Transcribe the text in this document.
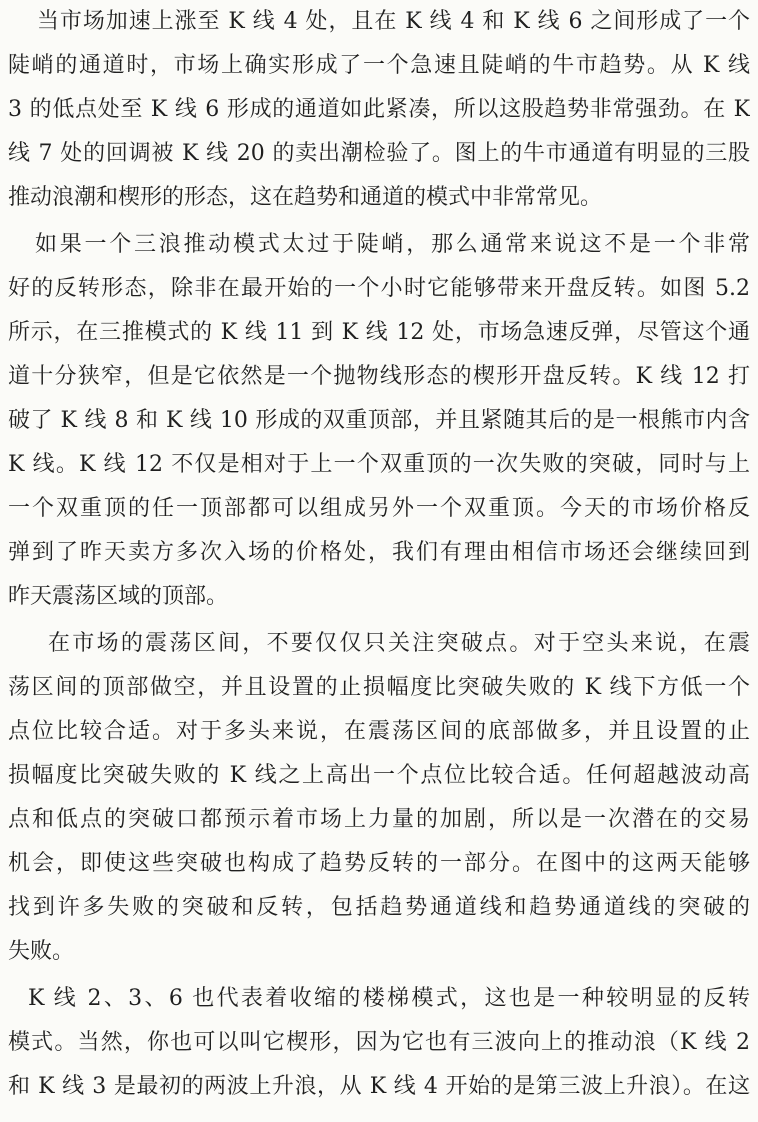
当市场加速上涨至 K 线 4 处，且在 K 线 4 和 K 线 6 之间形成了一个
陡峭的通道时，市场上确实形成了一个急速且陡峭的牛市趋势。从 K 线
3 的低点处至 K 线 6 形成的通道如此紧凑，所以这股趋势非常强劲。在 K
线 7 处的回调被 K 线 20 的卖出潮检验了。图上的牛市通道有明显的三股
推动浪潮和楔形的形态，这在趋势和通道的模式中非常常见。
如果一个三浪推动模式太过于陡峭，那么通常来说这不是一个非常
好的反转形态，除非在最开始的一个小时它能够带来开盘反转。如图 5.2
所示，在三推模式的 K 线 11 到 K 线 12 处，市场急速反弹，尽管这个通
道十分狭窄，但是它依然是一个抛物线形态的楔形开盘反转。K 线 12 打
破了 K 线 8 和 K 线 10 形成的双重顶部，并且紧随其后的是一根熊市内含
K 线。K 线 12 不仅是相对于上一个双重顶的一次失败的突破，同时与上
一个双重顶的任一顶部都可以组成另外一个双重顶。今天的市场价格反
弹到了昨天卖方多次入场的价格处，我们有理由相信市场还会继续回到
昨天震荡区域的顶部。
在市场的震荡区间，不要仅仅只关注突破点。对于空头来说，在震
荡区间的顶部做空，并且设置的止损幅度比突破失败的 K 线下方低一个
点位比较合适。对于多头来说，在震荡区间的底部做多，并且设置的止
损幅度比突破失败的 K 线之上高出一个点位比较合适。任何超越波动高
点和低点的突破口都预示着市场上力量的加剧，所以是一次潜在的交易
机会，即使这些突破也构成了趋势反转的一部分。在图中的这两天能够
找到许多失败的突破和反转，包括趋势通道线和趋势通道线的突破的
失败。
K 线 2、3、6 也代表着收缩的楼梯模式，这也是一种较明显的反转
模式。当然，你也可以叫它楔形，因为它也有三波向上的推动浪（K 线 2
和 K 线 3 是最初的两波上升浪，从 K 线 4 开始的是第三波上升浪）。在这
